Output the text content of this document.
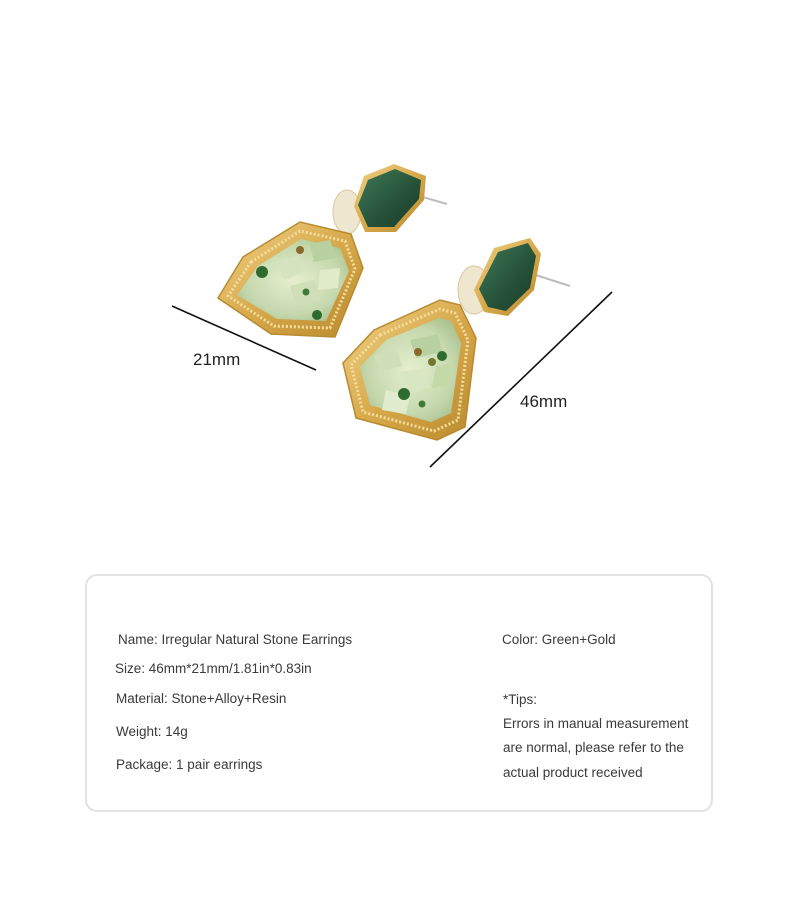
21mm
46mm
Name: Irregular Natural Stone Earrings
Size: 46mm*21mm/1.81in*0.83in
Material: Stone+Alloy+Resin
Weight: 14g
Package: 1 pair earrings
Color: Green+Gold
*Tips:
Errors in manual measurement
are normal, please refer to the
actual product received
